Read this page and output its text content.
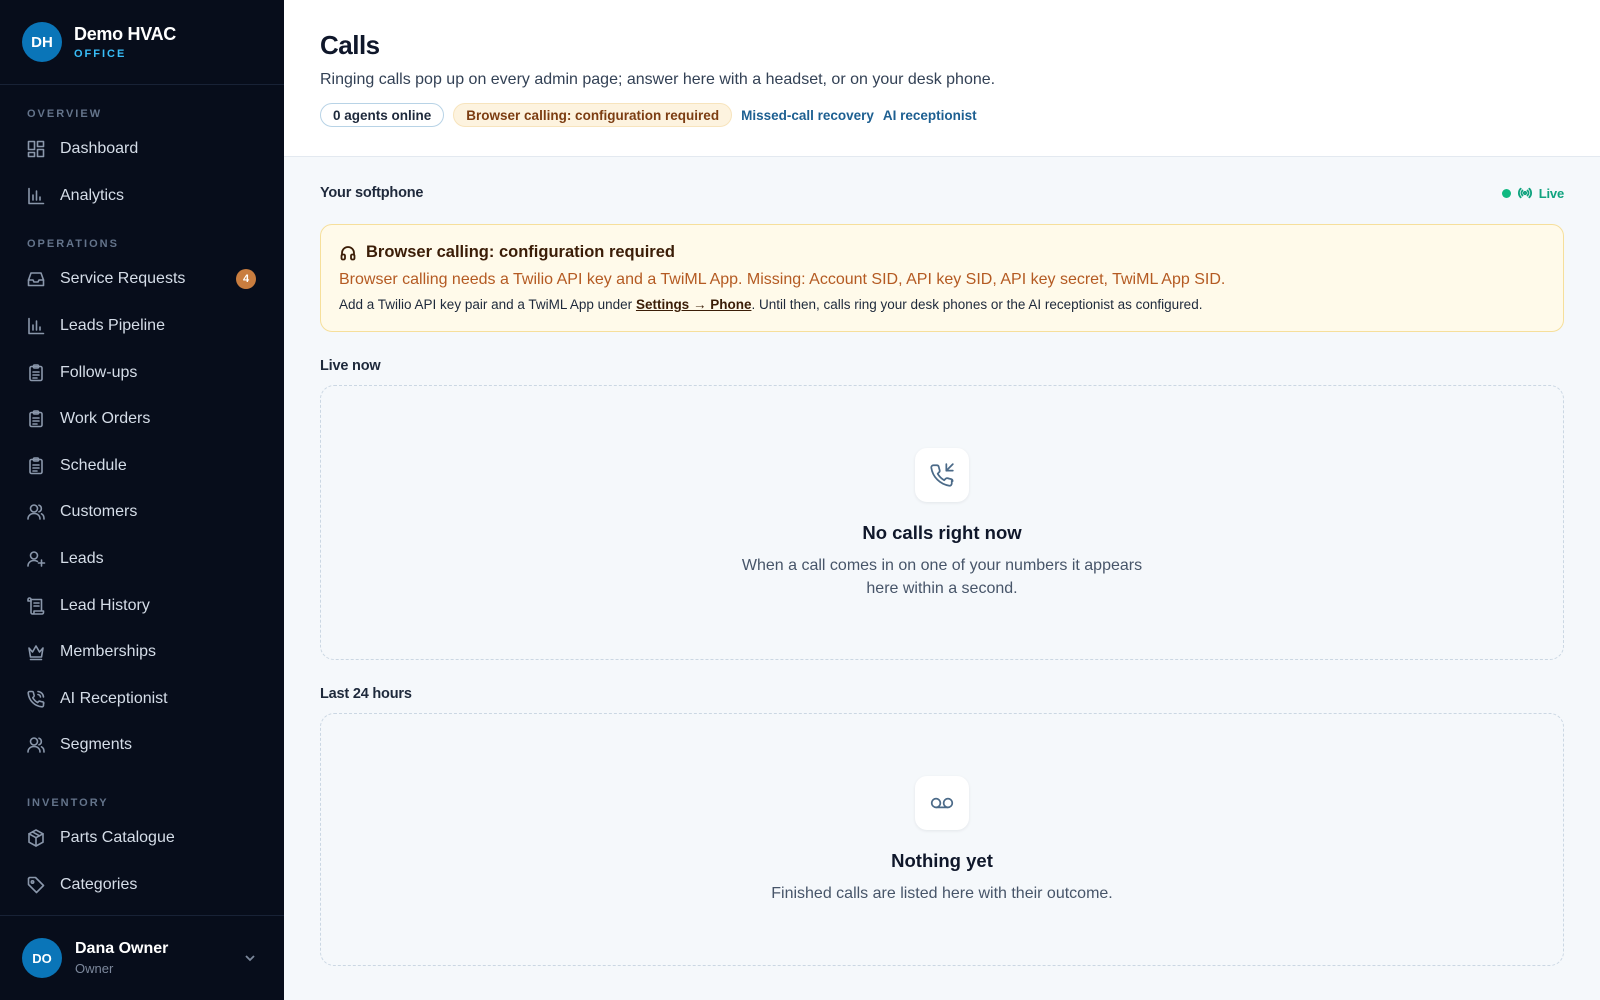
DH	Demo HVAC
OFFICE
OVERVIEW
Dashboard
Analytics
OPERATIONS
Service Requests	4
Leads Pipeline
Follow-ups
Work Orders
Schedule
Customers
Leads
Lead History
Memberships
AI Receptionist
Segments
INVENTORY
Parts Catalogue
Categories
DO
Dana Owner
Owner
Calls

Ringing calls pop up on every admin page; answer here with a headset, or on your desk phone.

0 agents online	Browser calling: configuration required	Missed-call recovery AI receptionist
Your softphone	Live
Browser calling: configuration required
Browser calling needs a Twilio API key and a TwiML App. Missing: Account SID, API key SID, API key secret, TwiML App SID.
Add a Twilio API key pair and a TwiML App under Settings → Phone. Until then, calls ring your desk phones or the AI receptionist as configured.
Live now
No calls right now
When a call comes in on one of your numbers it appears
here within a second.
Last 24 hours
Nothing yet
Finished calls are listed here with their outcome.
